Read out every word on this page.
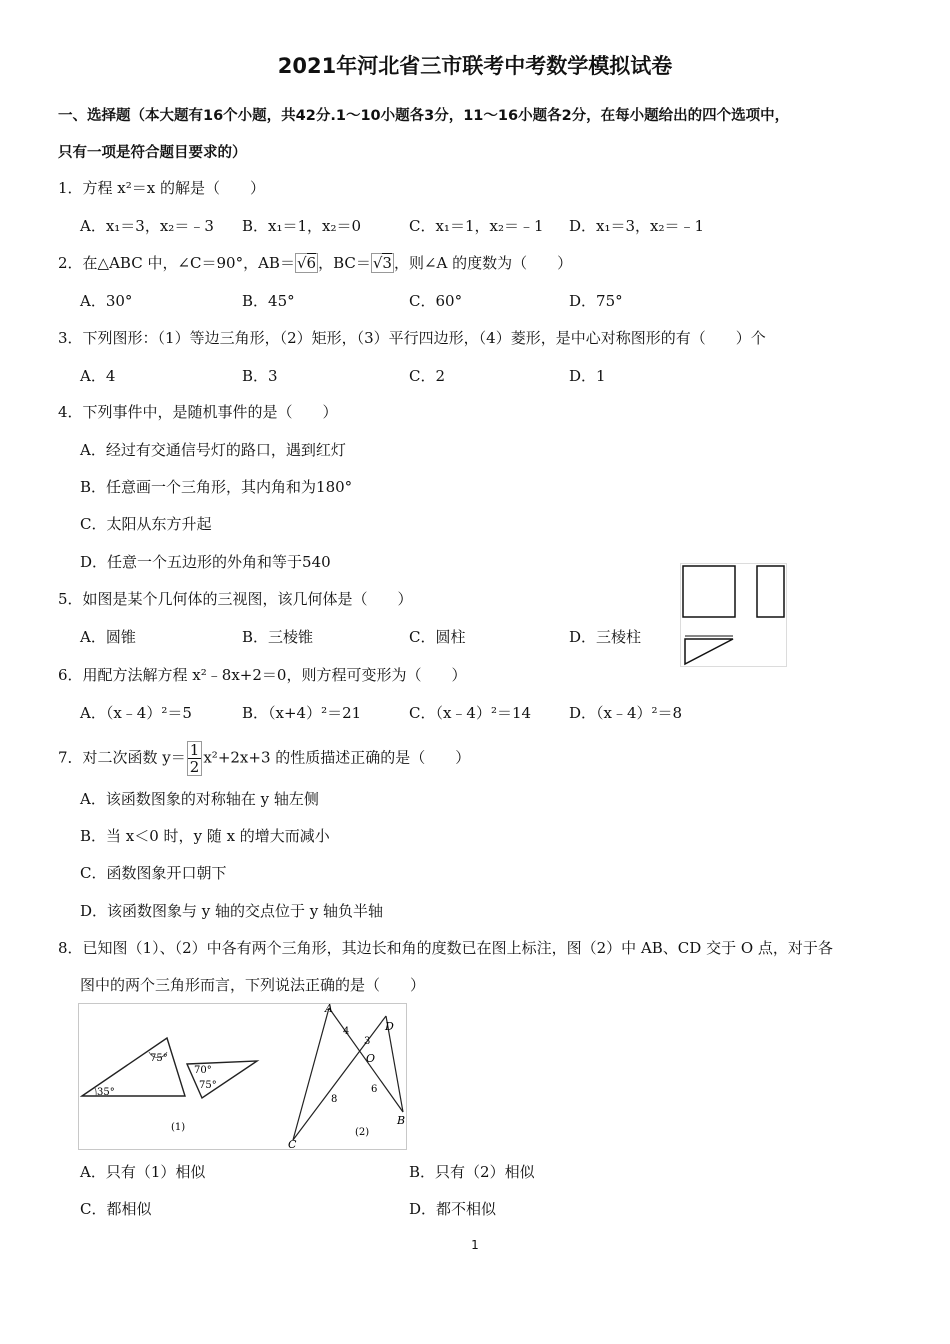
2021年河北省三市联考中考数学模拟试卷
一、选择题（本大题有16个小题，共42分.1～10小题各3分，11～16小题各2分，在每小题给出的四个选项中，
只有一项是符合题目要求的）
1．方程 x²＝x 的解是（　　）
A．x₁＝3，x₂＝﹣3 B．x₁＝1，x₂＝0	C．x₁＝1，x₂＝﹣1 D．x₁＝3，x₂＝﹣1
2．在△ABC 中，∠C＝90°，AB＝ √6 ，BC＝ √3 ，则∠A 的度数为（　　）
A．30°	B．45°	C．60°	D．75°
3．下列图形：（1）等边三角形，（2）矩形，（3）平行四边形，（4）菱形，是中心对称图形的有（　　）个
A．4	B．3	C．2	D．1
4．下列事件中，是随机事件的是（　　）
A．经过有交通信号灯的路口，遇到红灯
B．任意画一个三角形，其内角和为180°
C．太阳从东方升起
D．任意一个五边形的外角和等于540
5．如图是某个几何体的三视图，该几何体是（　　）
A．圆锥	B．三棱锥	C．圆柱	D．三棱柱
6．用配方法解方程 x²﹣8x+2＝0，则方程可变形为（　　）
A．（x﹣4）²＝5	B．（x+4）²＝21	C．（x﹣4）²＝14	D．（x﹣4）²＝8
7．对二次函数 $y= \frac{1}{2} x^2+2x+3$ 的性质描述正确的是（　　）
A．该函数图象的对称轴在 y 轴左侧
B．当 x＜0 时，y 随 x 的增大而减小
C．函数图象开口朝下
D．该函数图象与 y 轴的交点位于 y 轴负半轴
8．已知图（1）、（2）中各有两个三角形，其边长和角的度数已在图上标注，图（2）中 AB、CD 交于 O 点，对于各
图中的两个三角形而言，下列说法正确的是（　　）
75°
35°
70°
75°
(1)
A
D
O
B
C
4
3
6
8
(2)
A．只有（1）相似	B．只有（2）相似
C．都相似	D．都不相似
1
